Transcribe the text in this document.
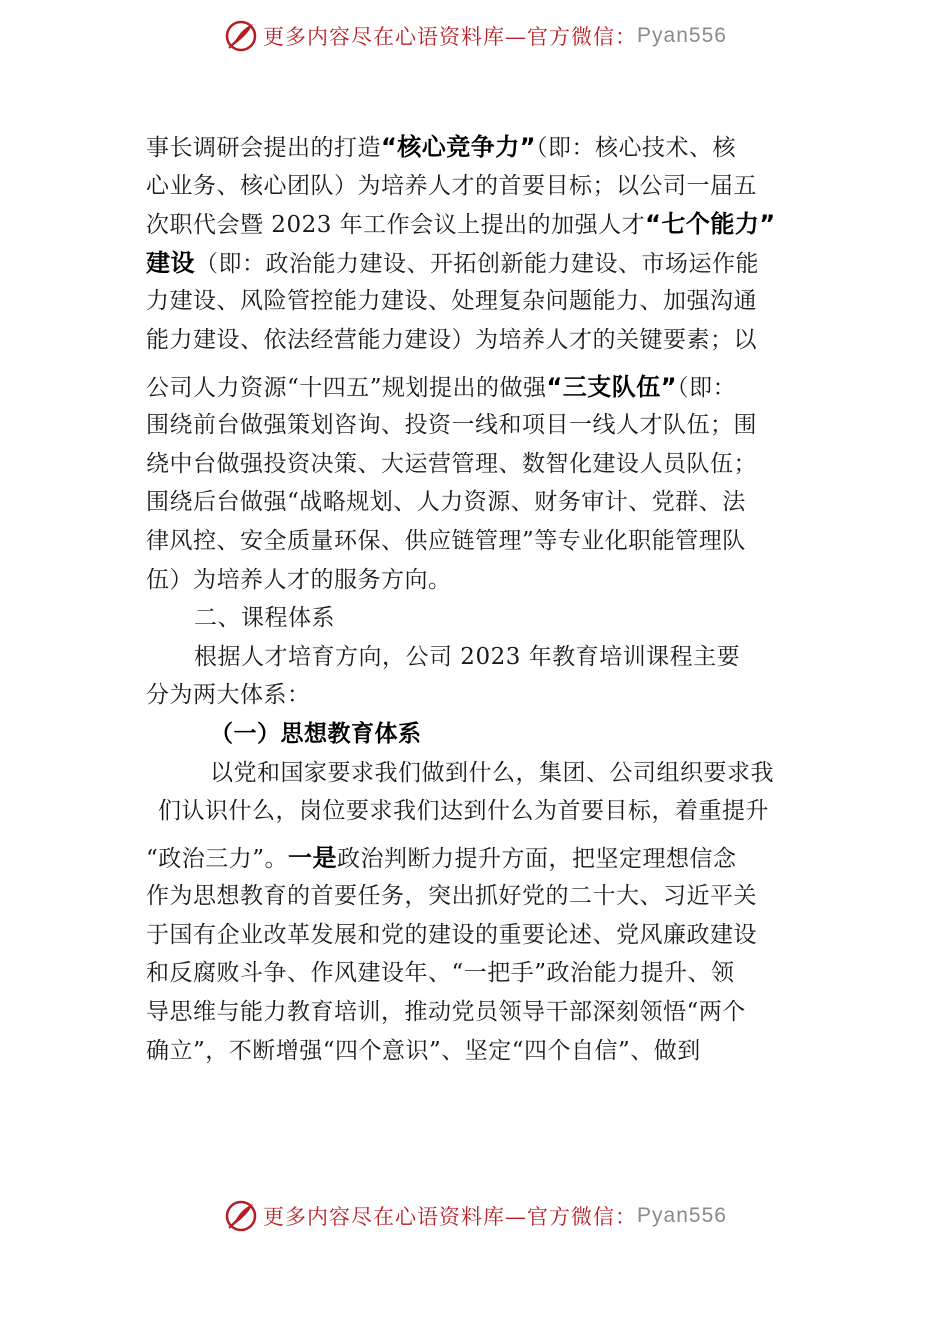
更多内容尽在心语资料库—官方微信： Pyan556
事长调研会提出的打造“核心竞争力”（即：核心技术、核
心业务、核心团队）为培养人才的首要目标；以公司一届五
次职代会暨 2023 年工作会议上提出的加强人才“七个能力”
建设（即：政治能力建设、开拓创新能力建设、市场运作能
力建设、风险管控能力建设、处理复杂问题能力、加强沟通
能力建设、依法经营能力建设）为培养人才的关键要素；以
公司人力资源“十四五”规划提出的做强“三支队伍”（即：
围绕前台做强策划咨询、投资一线和项目一线人才队伍；围
绕中台做强投资决策、大运营管理、数智化建设人员队伍；
围绕后台做强“战略规划、人力资源、财务审计、党群、法
律风控、安全质量环保、供应链管理”等专业化职能管理队
伍）为培养人才的服务方向。
二、课程体系
根据人才培育方向，公司 2023 年教育培训课程主要
分为两大体系：
（一）思想教育体系
以党和国家要求我们做到什么，集团、公司组织要求我
们认识什么，岗位要求我们达到什么为首要目标，着重提升
“政治三力”。一是政治判断力提升方面，把坚定理想信念
作为思想教育的首要任务，突出抓好党的二十大、习近平关
于国有企业改革发展和党的建设的重要论述、党风廉政建设
和反腐败斗争、作风建设年、“一把手”政治能力提升、领
导思维与能力教育培训，推动党员领导干部深刻领悟“两个
确立”，不断增强“四个意识”、坚定“四个自信”、做到
更多内容尽在心语资料库—官方微信： Pyan556
